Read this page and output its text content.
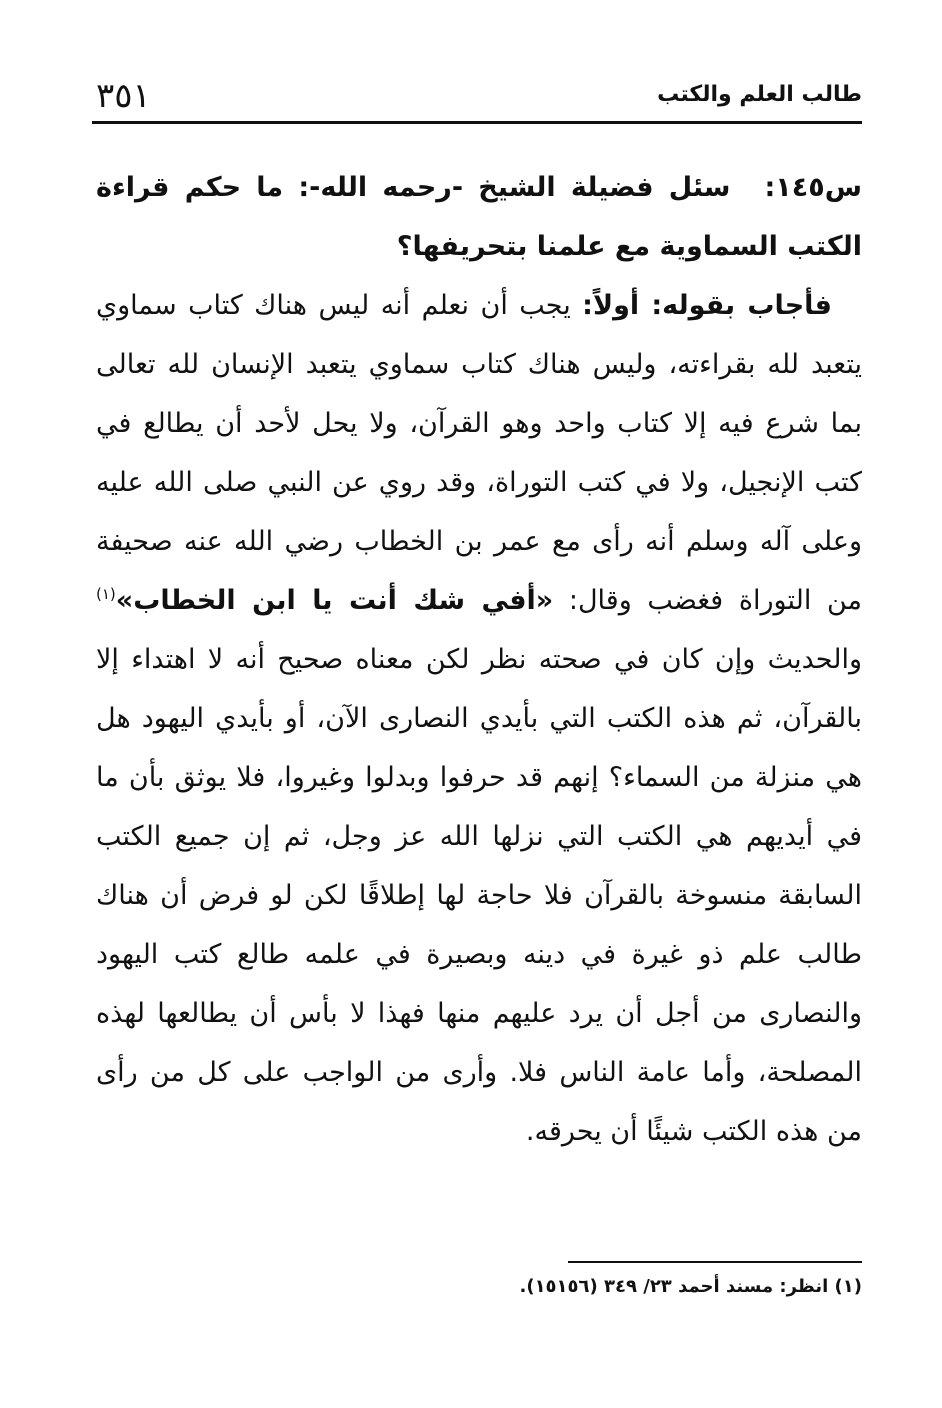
طالب العلم والكتب
٣٥١

س١٤٥:سئل فضيلة الشيخ -رحمه الله-: ما حكم قراءة الكتب السماوية مع علمنا بتحريفها؟

فأجاب بقوله: أولاً: يجب أن نعلم أنه ليس هناك كتاب سماوي يتعبد لله بقراءته، وليس هناك كتاب سماوي يتعبد الإنسان لله تعالى بما شرع فيه إلا كتاب واحد وهو القرآن، ولا يحل لأحد أن يطالع في كتب الإنجيل، ولا في كتب التوراة، وقد روي عن النبي صلى الله عليه وعلى آله وسلم أنه رأى مع عمر بن الخطاب رضي الله عنه صحيفة من التوراة فغضب وقال: «أفي شك أنت يا ابن الخطاب»$^{(١)}$ والحديث وإن كان في صحته نظر لكن معناه صحيح أنه لا اهتداء إلا بالقرآن، ثم هذه الكتب التي بأيدي النصارى الآن، أو بأيدي اليهود هل هي منزلة من السماء؟ إنهم قد حرفوا وبدلوا وغيروا، فلا يوثق بأن ما في أيديهم هي الكتب التي نزلها الله عز وجل، ثم إن جميع الكتب السابقة منسوخة بالقرآن فلا حاجة لها إطلاقًا لكن لو فرض أن هناك طالب علم ذو غيرة في دينه وبصيرة في علمه طالع كتب اليهود والنصارى من أجل أن يرد عليهم منها فهذا لا بأس أن يطالعها لهذه المصلحة، وأما عامة الناس فلا. وأرى من الواجب على كل من رأى من هذه الكتب شيئًا أن يحرقه.

(١) انظر: مسند أحمد ٢٣/ ٣٤٩ (١٥١٥٦).
